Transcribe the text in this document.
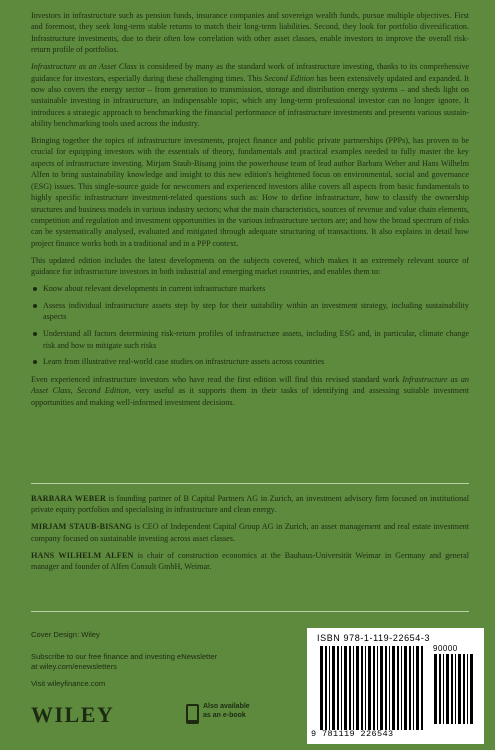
Investors in infrastructure such as pension funds, insurance companies and sovereign wealth funds, pursue multiple objectives. First and foremost, they seek long-term stable returns to match their long-term liabilities. Second, they look for portfolio diversification. Infrastructure investments, due to their often low correlation with other asset classes, enable investors to improve the overall risk-return profile of portfolios.

Infrastructure as an Asset Class is considered by many as the standard work of infrastructure investing, thanks to its comprehensive guidance for investors, especially during these challenging times. This Second Edition has been extensively updated and expanded. It now also covers the energy sector – from generation to transmission, storage and distribution energy systems – and sheds light on sustainable investing in infrastructure, an indispensable topic, which any long-term professional investor can no longer ignore. It introduces a strategic approach to benchmarking the financial performance of infrastructure investments and presents various sustain-ability benchmarking tools used across the industry.

Bringing together the topics of infrastructure investments, project finance and public private partnerships (PPPs), has proven to be crucial for equipping investors with the essentials of theory, fundamentals and practical examples needed to fully master the key aspects of infrastructure investing. Mirjam Staub-Bisang joins the powerhouse team of lead author Barbara Weber and Hans Wilhelm Alfen to bring sustainability knowledge and insight to this new edition's heightened focus on environmental, social and governance (ESG) issues. This single-source guide for newcomers and experienced investors alike covers all aspects from basic fundamentals to highly specific infrastructure investment-related questions such as: How to define infrastructure, how to classify the ownership structures and business models in various industry sectors; what the main characteristics, sources of revenue and value chain elements, competition and regulation and investment opportunities in the various infrastructure sectors are; and how the broad spectrum of risks can be systematically analysed, evaluated and mitigated through adequate structuring of transactions. It also explains in detail how project finance works both in a traditional and in a PPP context.

This updated edition includes the latest developments on the subjects covered, which makes it an extremely relevant source of guidance for infrastructure investors in both industrial and emerging market countries, and enables them to:

Know about relevant developments in current infrastructure markets
Assess individual infrastructure assets step by step for their suitability within an investment strategy, including sustainability aspects
Understand all factors determining risk-return profiles of infrastructure assets, including ESG and, in particular, climate change risk and how to mitigate such risks
Learn from illustrative real-world case studies on infrastructure assets across countries

Even experienced infrastructure investors who have read the first edition will find this revised standard work Infrastructure as an Asset Class, Second Edition, very useful as it supports them in their tasks of identifying and assessing suitable investment opportunities and making well-informed investment decisions.

BARBARA WEBER is founding partner of B Capital Partners AG in Zurich, an investment advisory firm focused on institutional private equity portfolios and specialising in infrastructure and clean energy.

MIRJAM STAUB-BISANG is CEO of Independent Capital Group AG in Zurich, an asset management and real estate investment company focused on sustainable investing across asset classes.

HANS WILHELM ALFEN is chair of construction economics at the Bauhaus-Universität Weimar in Germany and general manager and founder of Alfen Consult GmbH, Weimar.

Cover Design: Wiley
Subscribe to our free finance and investing eNewsletter
at wiley.com/enewsletters
Visit wileyfinance.com
WILEY	Also available
as an e-book
ISBN 978-1-119-22654-3
90000
9 781119 226543
